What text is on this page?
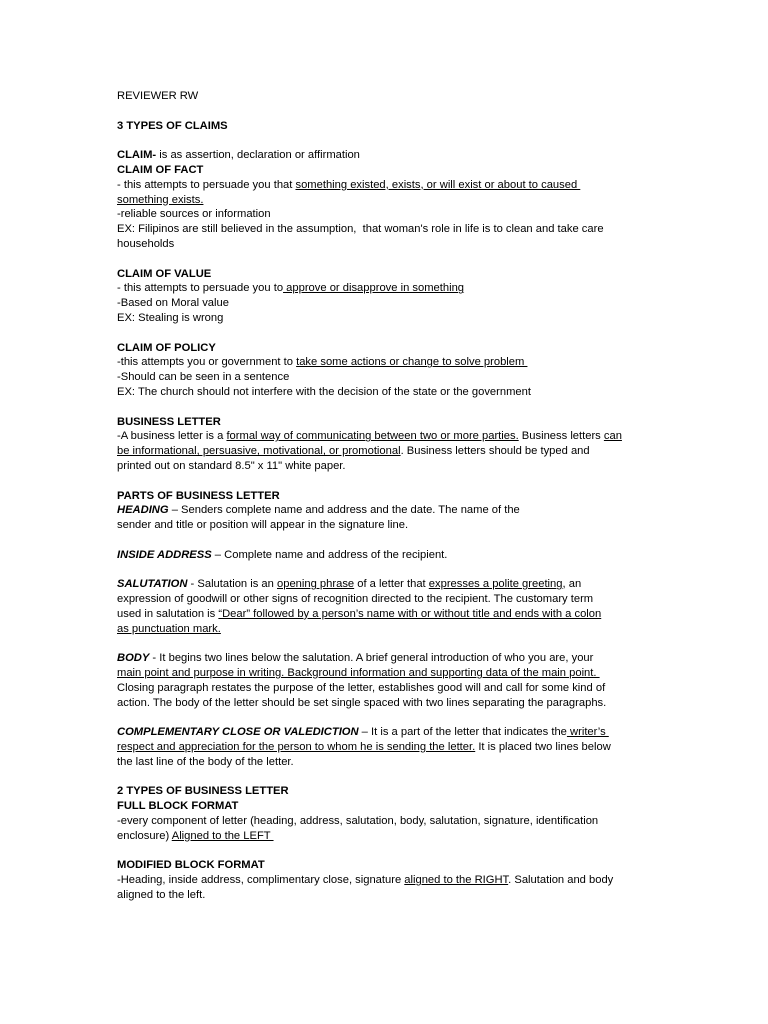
REVIEWER RW
3 TYPES OF CLAIMS
CLAIM- is as assertion, declaration or affirmation
CLAIM OF FACT
- this attempts to persuade you that something existed, exists, or will exist or about to caused
something exists.
-reliable sources or information
EX: Filipinos are still believed in the assumption,  that woman's role in life is to clean and take care
households
CLAIM OF VALUE
- this attempts to persuade you to approve or disapprove in something
-Based on Moral value
EX: Stealing is wrong
CLAIM OF POLICY
-this attempts you or government to take some actions or change to solve problem
-Should can be seen in a sentence
EX: The church should not interfere with the decision of the state or the government
BUSINESS LETTER
-A business letter is a formal way of communicating between two or more parties. Business letters can
be informational, persuasive, motivational, or promotional. Business letters should be typed and
printed out on standard 8.5" x 11" white paper.
PARTS OF BUSINESS LETTER
HEADING – Senders complete name and address and the date. The name of the
sender and title or position will appear in the signature line.
INSIDE ADDRESS – Complete name and address of the recipient.
SALUTATION - Salutation is an opening phrase of a letter that expresses a polite greeting, an
expression of goodwill or other signs of recognition directed to the recipient. The customary term
used in salutation is “Dear” followed by a person’s name with or without title and ends with a colon
as punctuation mark.
BODY - It begins two lines below the salutation. A brief general introduction of who you are, your
main point and purpose in writing. Background information and supporting data of the main point.
Closing paragraph restates the purpose of the letter, establishes good will and call for some kind of
action. The body of the letter should be set single spaced with two lines separating the paragraphs.
COMPLEMENTARY CLOSE OR VALEDICTION – It is a part of the letter that indicates the writer’s
respect and appreciation for the person to whom he is sending the letter. It is placed two lines below
the last line of the body of the letter.
2 TYPES OF BUSINESS LETTER
FULL BLOCK FORMAT
-every component of letter (heading, address, salutation, body, salutation, signature, identification
enclosure) Aligned to the LEFT
MODIFIED BLOCK FORMAT
-Heading, inside address, complimentary close, signature aligned to the RIGHT. Salutation and body
aligned to the left.
